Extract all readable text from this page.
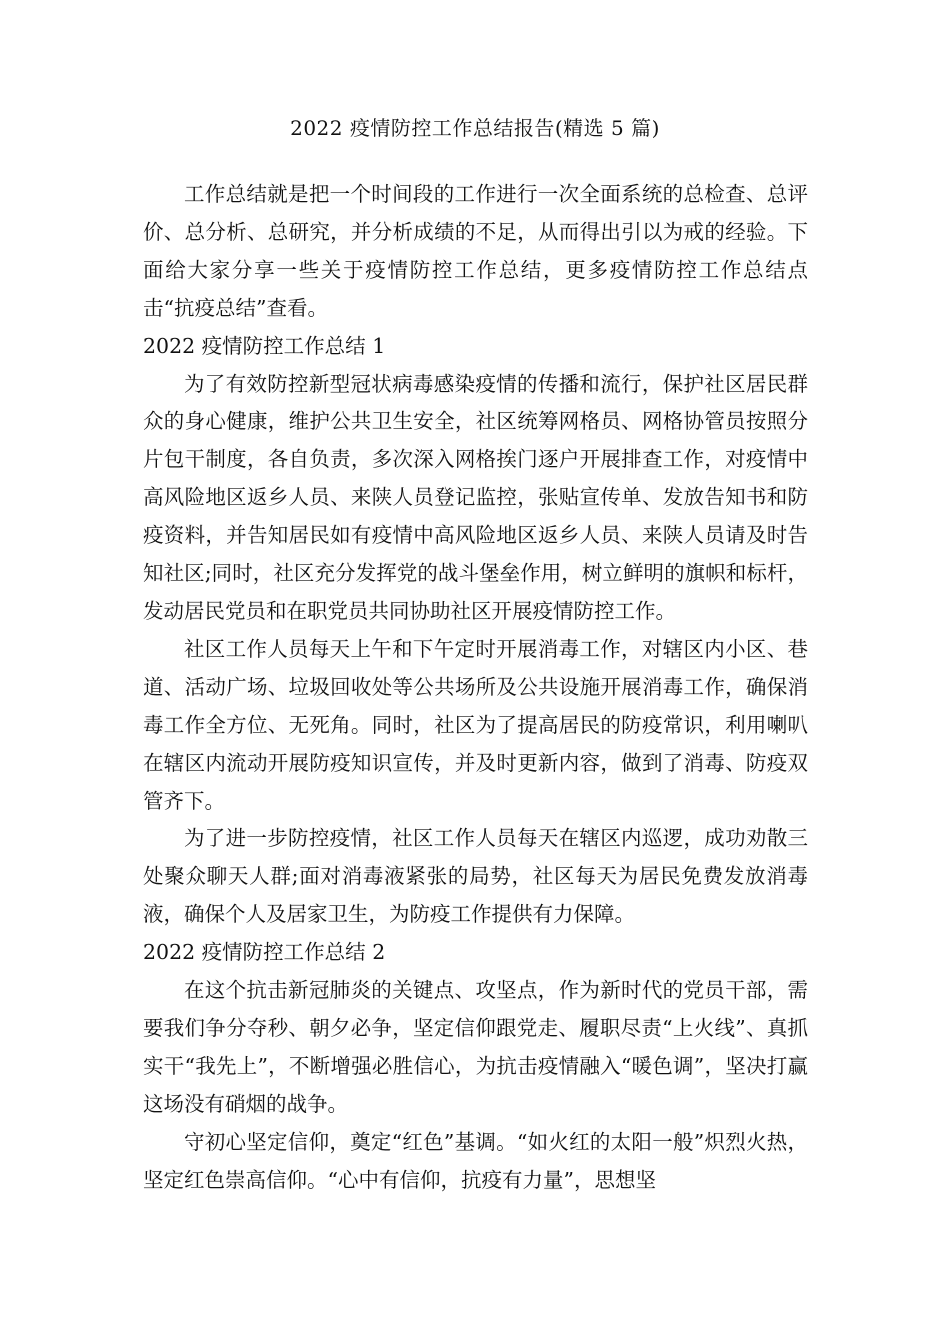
2022 疫情防控工作总结报告(精选 5 篇)

工作总结就是把一个时间段的工作进行一次全面系统的总检查、总评价、总分析、总研究，并分析成绩的不足，从而得出引以为戒的经验。下面给大家分享一些关于疫情防控工作总结，更多疫情防控工作总结点击“抗疫总结”查看。

2022 疫情防控工作总结 1

为了有效防控新型冠状病毒感染疫情的传播和流行，保护社区居民群众的身心健康，维护公共卫生安全，社区统筹网格员、网格协管员按照分片包干制度，各自负责，多次深入网格挨门逐户开展排查工作，对疫情中高风险地区返乡人员、来陕人员登记监控，张贴宣传单、发放告知书和防疫资料，并告知居民如有疫情中高风险地区返乡人员、来陕人员请及时告知社区;同时，社区充分发挥党的战斗堡垒作用，树立鲜明的旗帜和标杆，发动居民党员和在职党员共同协助社区开展疫情防控工作。

社区工作人员每天上午和下午定时开展消毒工作，对辖区内小区、巷道、活动广场、垃圾回收处等公共场所及公共设施开展消毒工作，确保消毒工作全方位、无死角。同时，社区为了提高居民的防疫常识，利用喇叭在辖区内流动开展防疫知识宣传，并及时更新内容，做到了消毒、防疫双管齐下。

为了进一步防控疫情，社区工作人员每天在辖区内巡逻，成功劝散三处聚众聊天人群;面对消毒液紧张的局势，社区每天为居民免费发放消毒液，确保个人及居家卫生，为防疫工作提供有力保障。

2022 疫情防控工作总结 2

在这个抗击新冠肺炎的关键点、攻坚点，作为新时代的党员干部，需要我们争分夺秒、朝夕必争，坚定信仰跟党走、履职尽责“上火线”、真抓实干“我先上”，不断增强必胜信心，为抗击疫情融入“暖色调”，坚决打赢这场没有硝烟的战争。

守初心坚定信仰，奠定“红色”基调。“如火红的太阳一般”炽烈火热，坚定红色崇高信仰。“心中有信仰，抗疫有力量”，思想坚
